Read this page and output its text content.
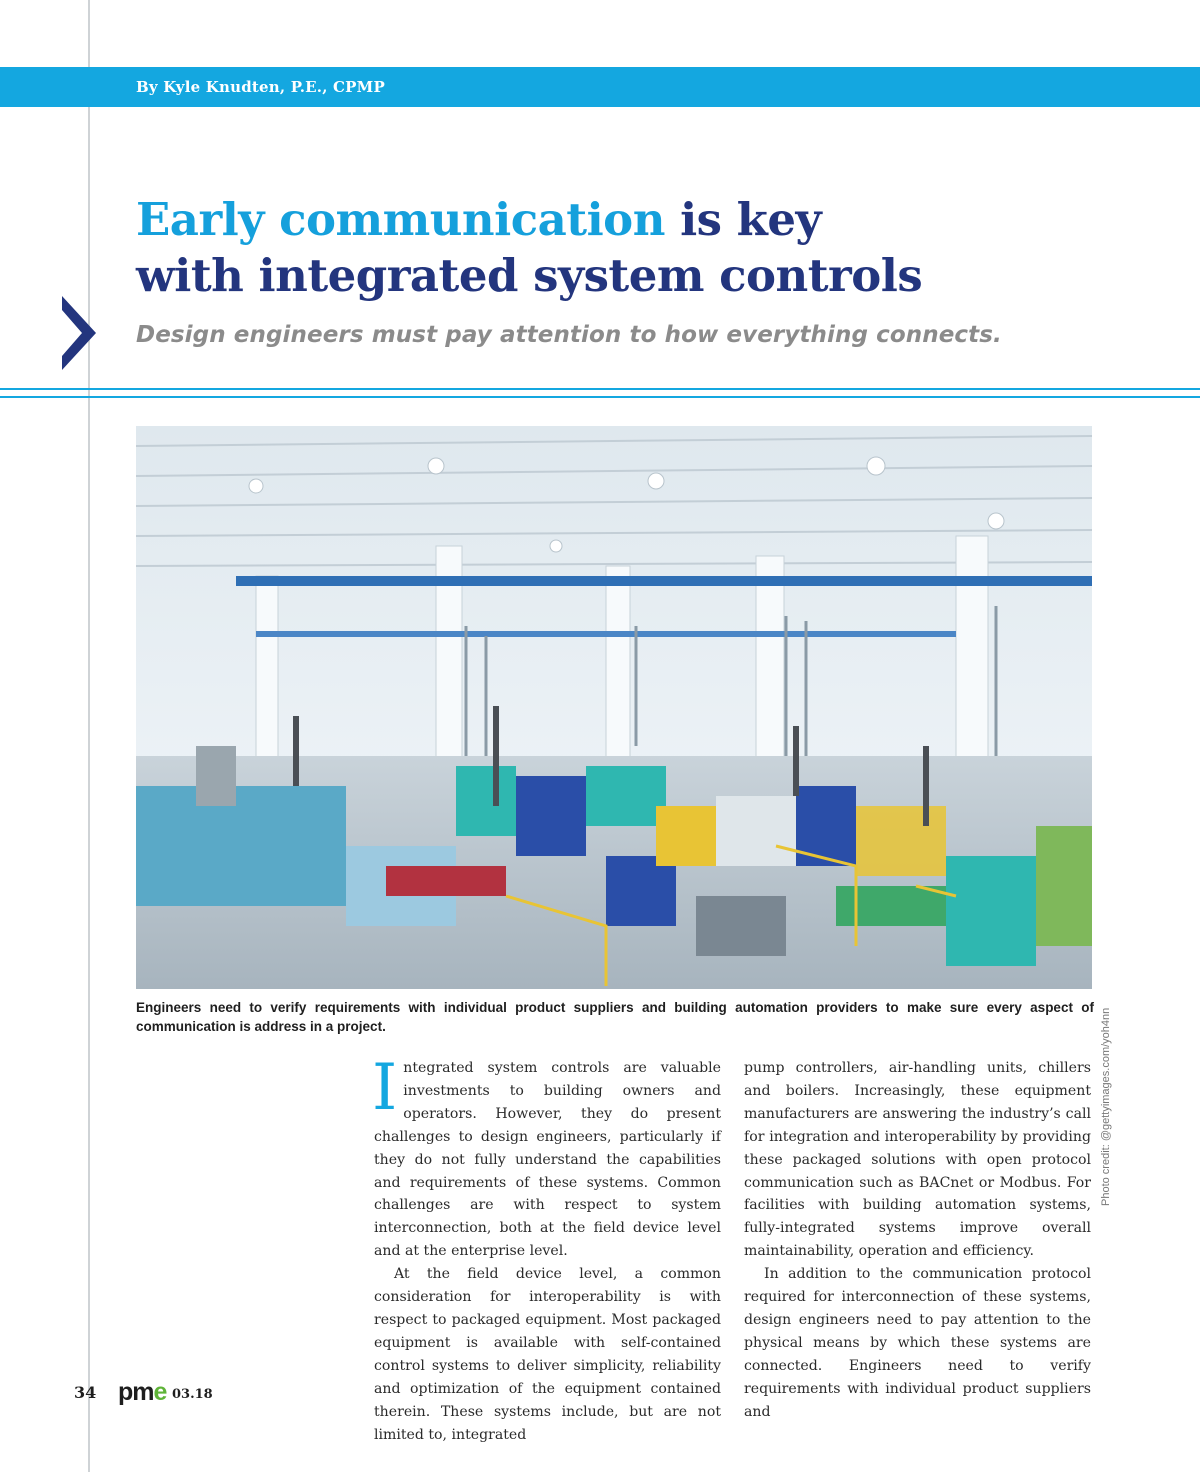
By Kyle Knudten, P.E., CPMP
Early communication is key
with integrated system controls

Design engineers must pay attention to how everything connects.

Engineers need to verify requirements with individual product suppliers and building automation providers to make sure every aspect of communication is address in a project.

Integrated system controls are valuable investments to building owners and operators. However, they do present challenges to design engineers, particularly if they do not fully understand the capabilities and requirements of these systems. Common challenges are with respect to system interconnection, both at the field device level and at the enterprise level.

At the field device level, a common consideration for interoperability is with respect to packaged equipment. Most packaged equipment is available with self-contained control systems to deliver simplicity, reliability and optimization of the equipment contained therein. These systems include, but are not limited to, integrated

pump controllers, air-handling units, chillers and boilers. Increasingly, these equipment manufacturers are answering the industry’s call for integration and interoperability by providing these packaged solutions with open protocol communication such as BACnet or Modbus. For facilities with building automation systems, fully-integrated systems improve overall maintainability, operation and efficiency.

In addition to the communication protocol required for interconnection of these systems, design engineers need to pay attention to the physical means by which these systems are connected. Engineers need to verify requirements with individual product suppliers and

Photo credit: @gettyimages.com/yoh4nn
34 pme 03.18
